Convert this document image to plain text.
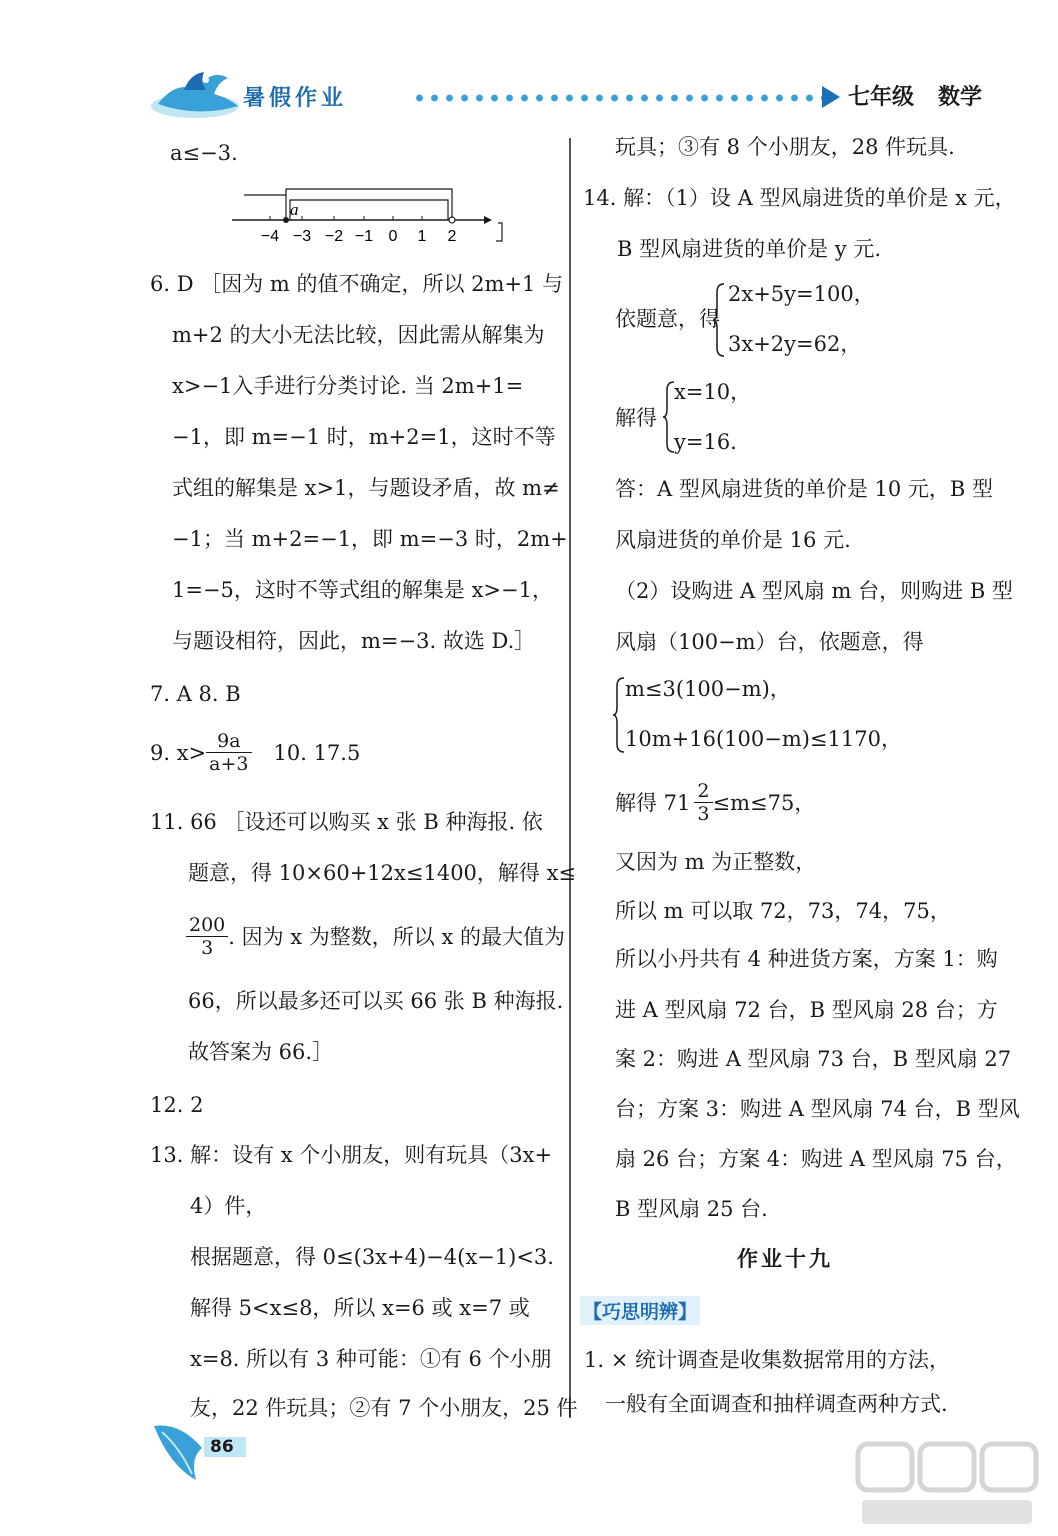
暑假作业	七年级 数学
a≤−3.
a
−4 −3 −2 −1 0 1 2
6. D ［因为 m 的值不确定，所以 2m+1 与
m+2 的大小无法比较，因此需从解集为
x>−1入手进行分类讨论. 当 2m+1=
−1，即 m=−1 时，m+2=1，这时不等
式组的解集是 x>1，与题设矛盾，故 m≠
−1；当 m+2=−1，即 m=−3 时，2m+
1=−5，这时不等式组的解集是 x>−1，
与题设相符，因此，m=−3. 故选 D.］
7. A 8. B
9. $x> \frac{9a}{a+3} 10$. 17.5
11. 66 ［设还可以购买 x 张 B 种海报. 依
题意，得 10×60+12x≤1400，解得 x≤
$\frac{200}{3}$ . 因为 x 为整数，所以 x 的最大值为
66，所以最多还可以买 66 张 B 种海报.
故答案为 66.］
12. 2
13. 解：设有 x 个小朋友，则有玩具（3x+
4）件，
根据题意，得 0≤(3x+4)−4(x−1)<3.
解得 5<x≤8，所以 x=6 或 x=7 或
x=8. 所以有 3 种可能：①有 6 个小朋
友，22 件玩具；②有 7 个小朋友，25 件
86
玩具；③有 8 个小朋友，28 件玩具.
14. 解：（1）设 A 型风扇进货的单价是 x 元，
B 型风扇进货的单价是 y 元.
依题意，得
2x+5y=100，
3x+2y=62，
解得
x=10，
y=16.
答：A 型风扇进货的单价是 10 元，B 型
风扇进货的单价是 16 元.
（2）设购进 A 型风扇 m 台，则购进 B 型
风扇（100−m）台，依题意，得
m≤3(100−m)，
10m+16(100−m)≤1170，
解得 $71 \frac{2}{3} \le m\le 75$，
又因为 m 为正整数，
所以 m 可以取 72，73，74，75，
所以小丹共有 4 种进货方案，方案 1：购
进 A 型风扇 72 台，B 型风扇 28 台；方
案 2：购进 A 型风扇 73 台，B 型风扇 27
台；方案 3：购进 A 型风扇 74 台，B 型风
扇 26 台；方案 4：购进 A 型风扇 75 台，
B 型风扇 25 台.
作业十九
【巧思明辨】
1. × 统计调查是收集数据常用的方法，
一般有全面调查和抽样调查两种方式.
